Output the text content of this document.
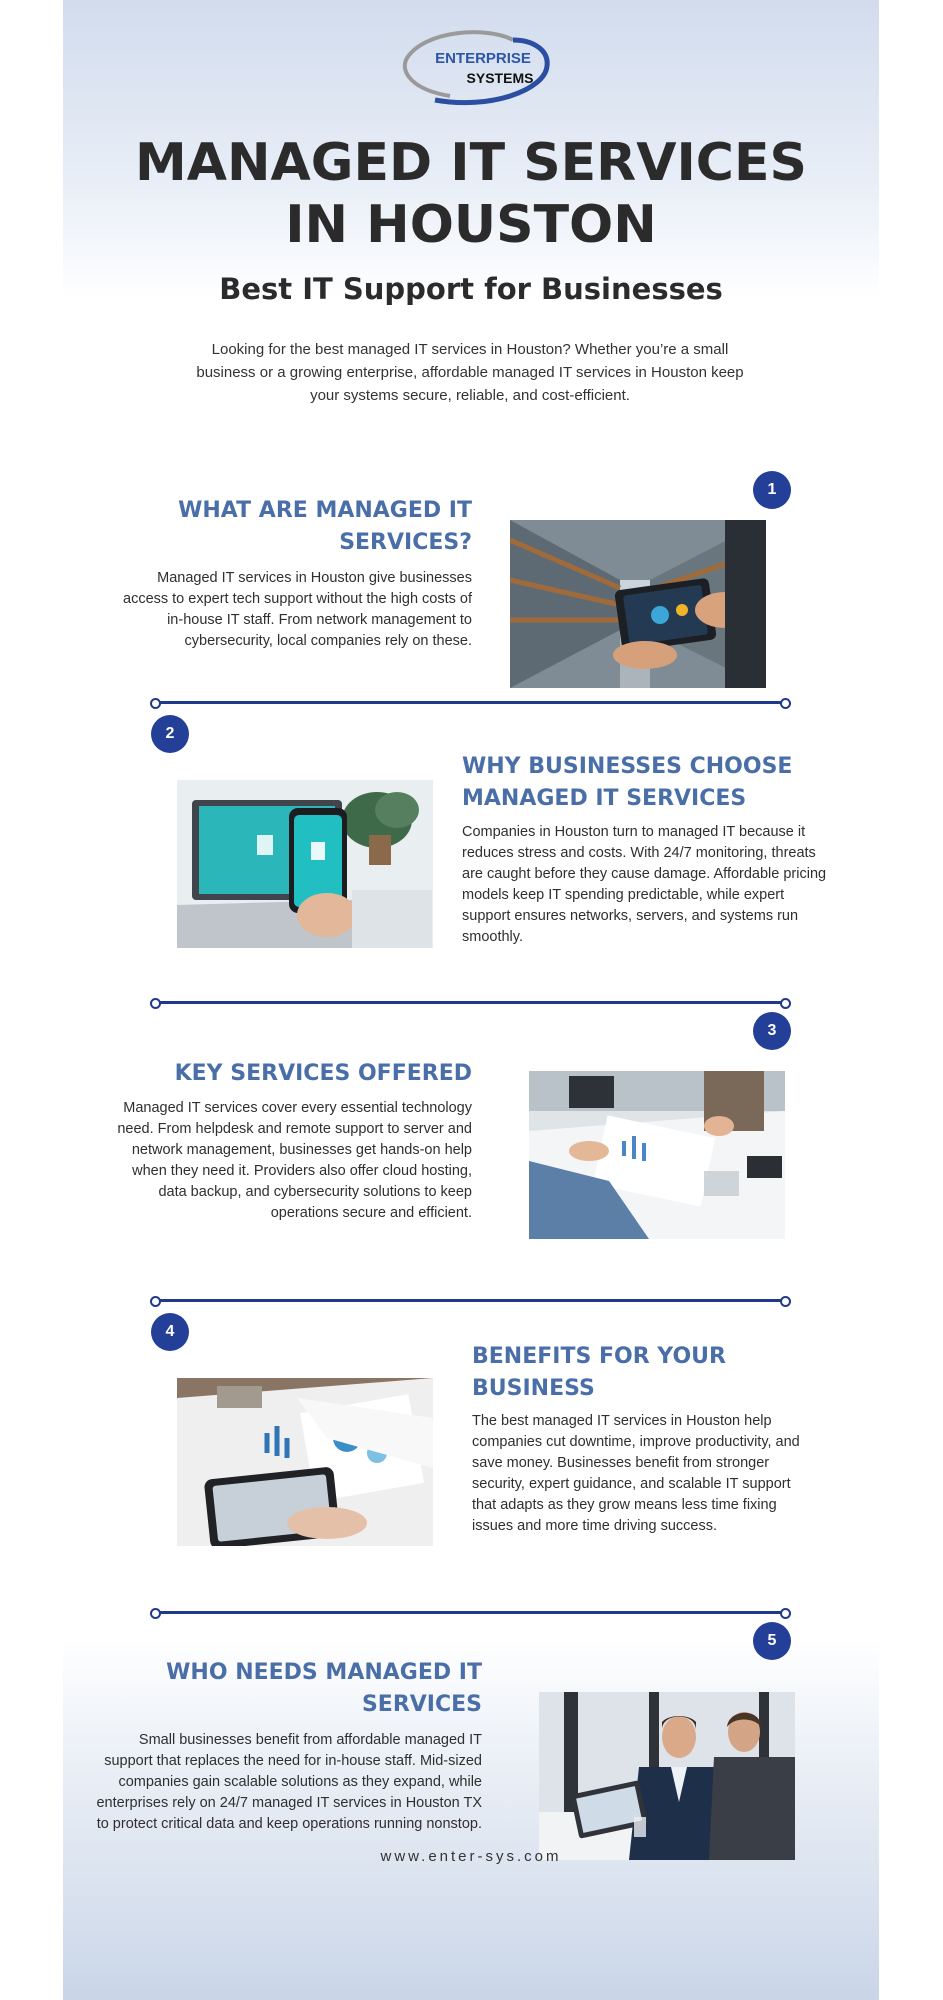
ENTERPRISE
SYSTEMS
MANAGED IT SERVICES
IN HOUSTON
Best IT Support for Businesses

Looking for the best managed IT services in Houston? Whether you’re a small business or a growing enterprise, affordable managed IT services in Houston keep your systems secure, reliable, and cost-efficient.

1
WHAT ARE MANAGED IT
SERVICES?

Managed IT services in Houston give businesses access to expert tech support without the high costs of in-house IT staff. From network management to cybersecurity, local companies rely on these.

2
WHY BUSINESSES CHOOSE
MANAGED IT SERVICES

Companies in Houston turn to managed IT because it reduces stress and costs. With 24/7 monitoring, threats are caught before they cause damage. Affordable pricing models keep IT spending predictable, while expert support ensures networks, servers, and systems run smoothly.

3
KEY SERVICES OFFERED

Managed IT services cover every essential technology need. From helpdesk and remote support to server and network management, businesses get hands-on help when they need it. Providers also offer cloud hosting, data backup, and cybersecurity solutions to keep operations secure and efficient.

4
BENEFITS FOR YOUR
BUSINESS

The best managed IT services in Houston help companies cut downtime, improve productivity, and save money. Businesses benefit from stronger security, expert guidance, and scalable IT support that adapts as they grow means less time fixing issues and more time driving success.

5
WHO NEEDS MANAGED IT
SERVICES

Small businesses benefit from affordable managed IT support that replaces the need for in-house staff. Mid-sized companies gain scalable solutions as they expand, while enterprises rely on 24/7 managed IT services in Houston TX to protect critical data and keep operations running nonstop.

www.enter-sys.com
